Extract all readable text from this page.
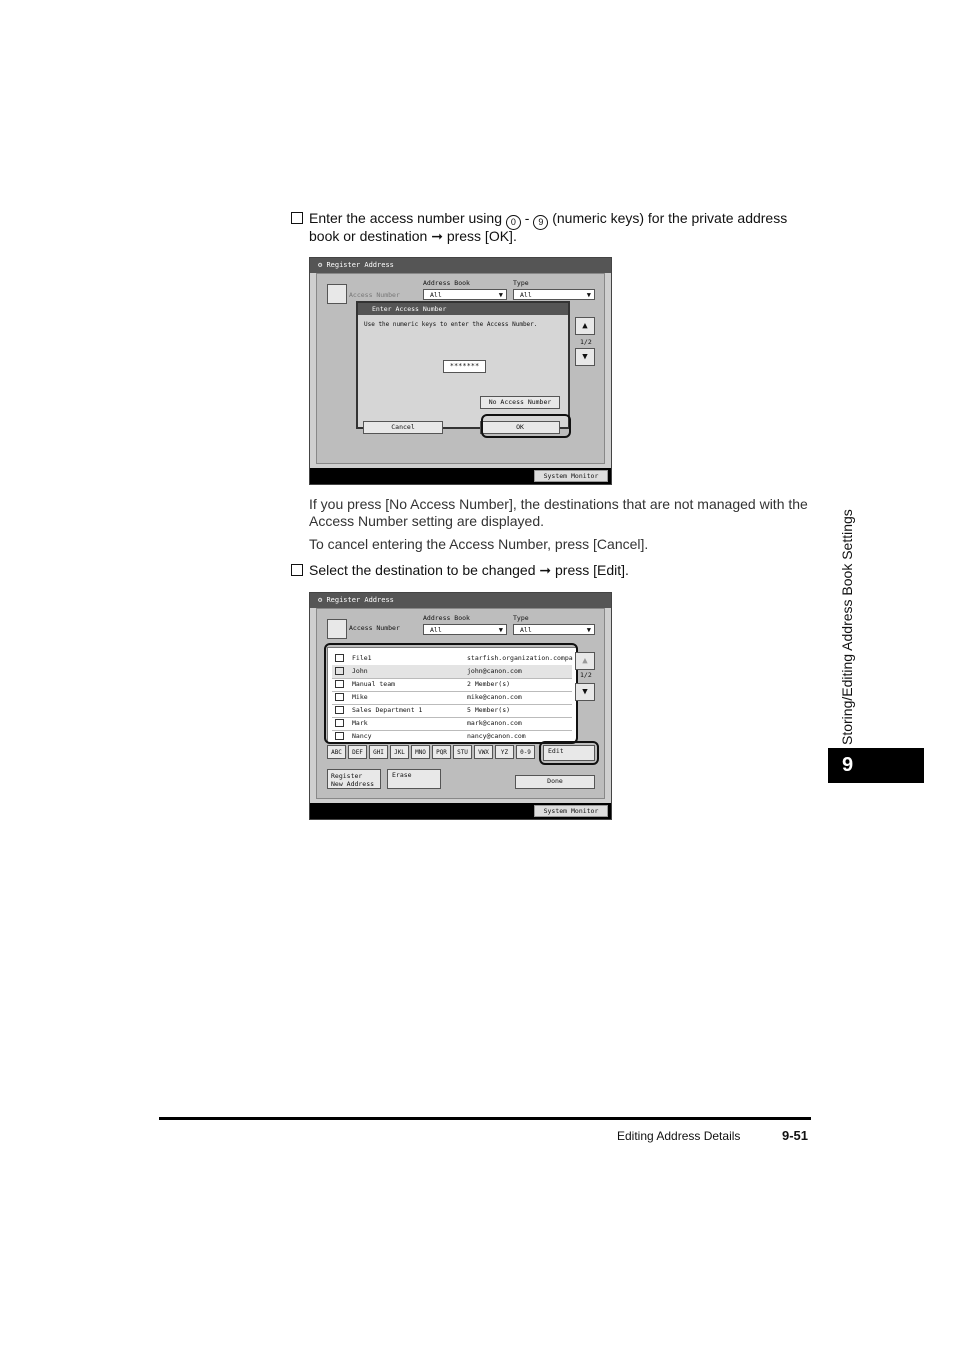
Enter the access number using 0 - 9 (numeric keys) for the private address
book or destination ➞ press [OK].
⚙ Register Address
Access Number
Address Book
All ▼
Type
All ▼
▲
1/2
▼
Enter Access Number
Use the numeric keys to enter the Access Number.
*******
No Access Number
Cancel	OK
System Monitor
If you press [No Access Number], the destinations that are not managed with the Access Number setting are displayed.
To cancel entering the Access Number, press [Cancel].
Select the destination to be changed ➞ press [Edit].
⚙ Register Address
Access Number
Address Book
All ▼
Type
All ▼
File1	starfish.organization.compa
John	john@canon.com
Manual team	2 Member(s)
Mike	mike@canon.com
Sales Department 1	5 Member(s)
Mark	mark@canon.com
Nancy	nancy@canon.com
▲
1/2
▼
ABC	DEF	GHI	JKL	MNO	PQR	STU	VWX	YZ	0-9	Edit
Register New Address
Erase
Done
System Monitor
Storing/Editing Address Book Settings
9
Editing Address Details	9-51
